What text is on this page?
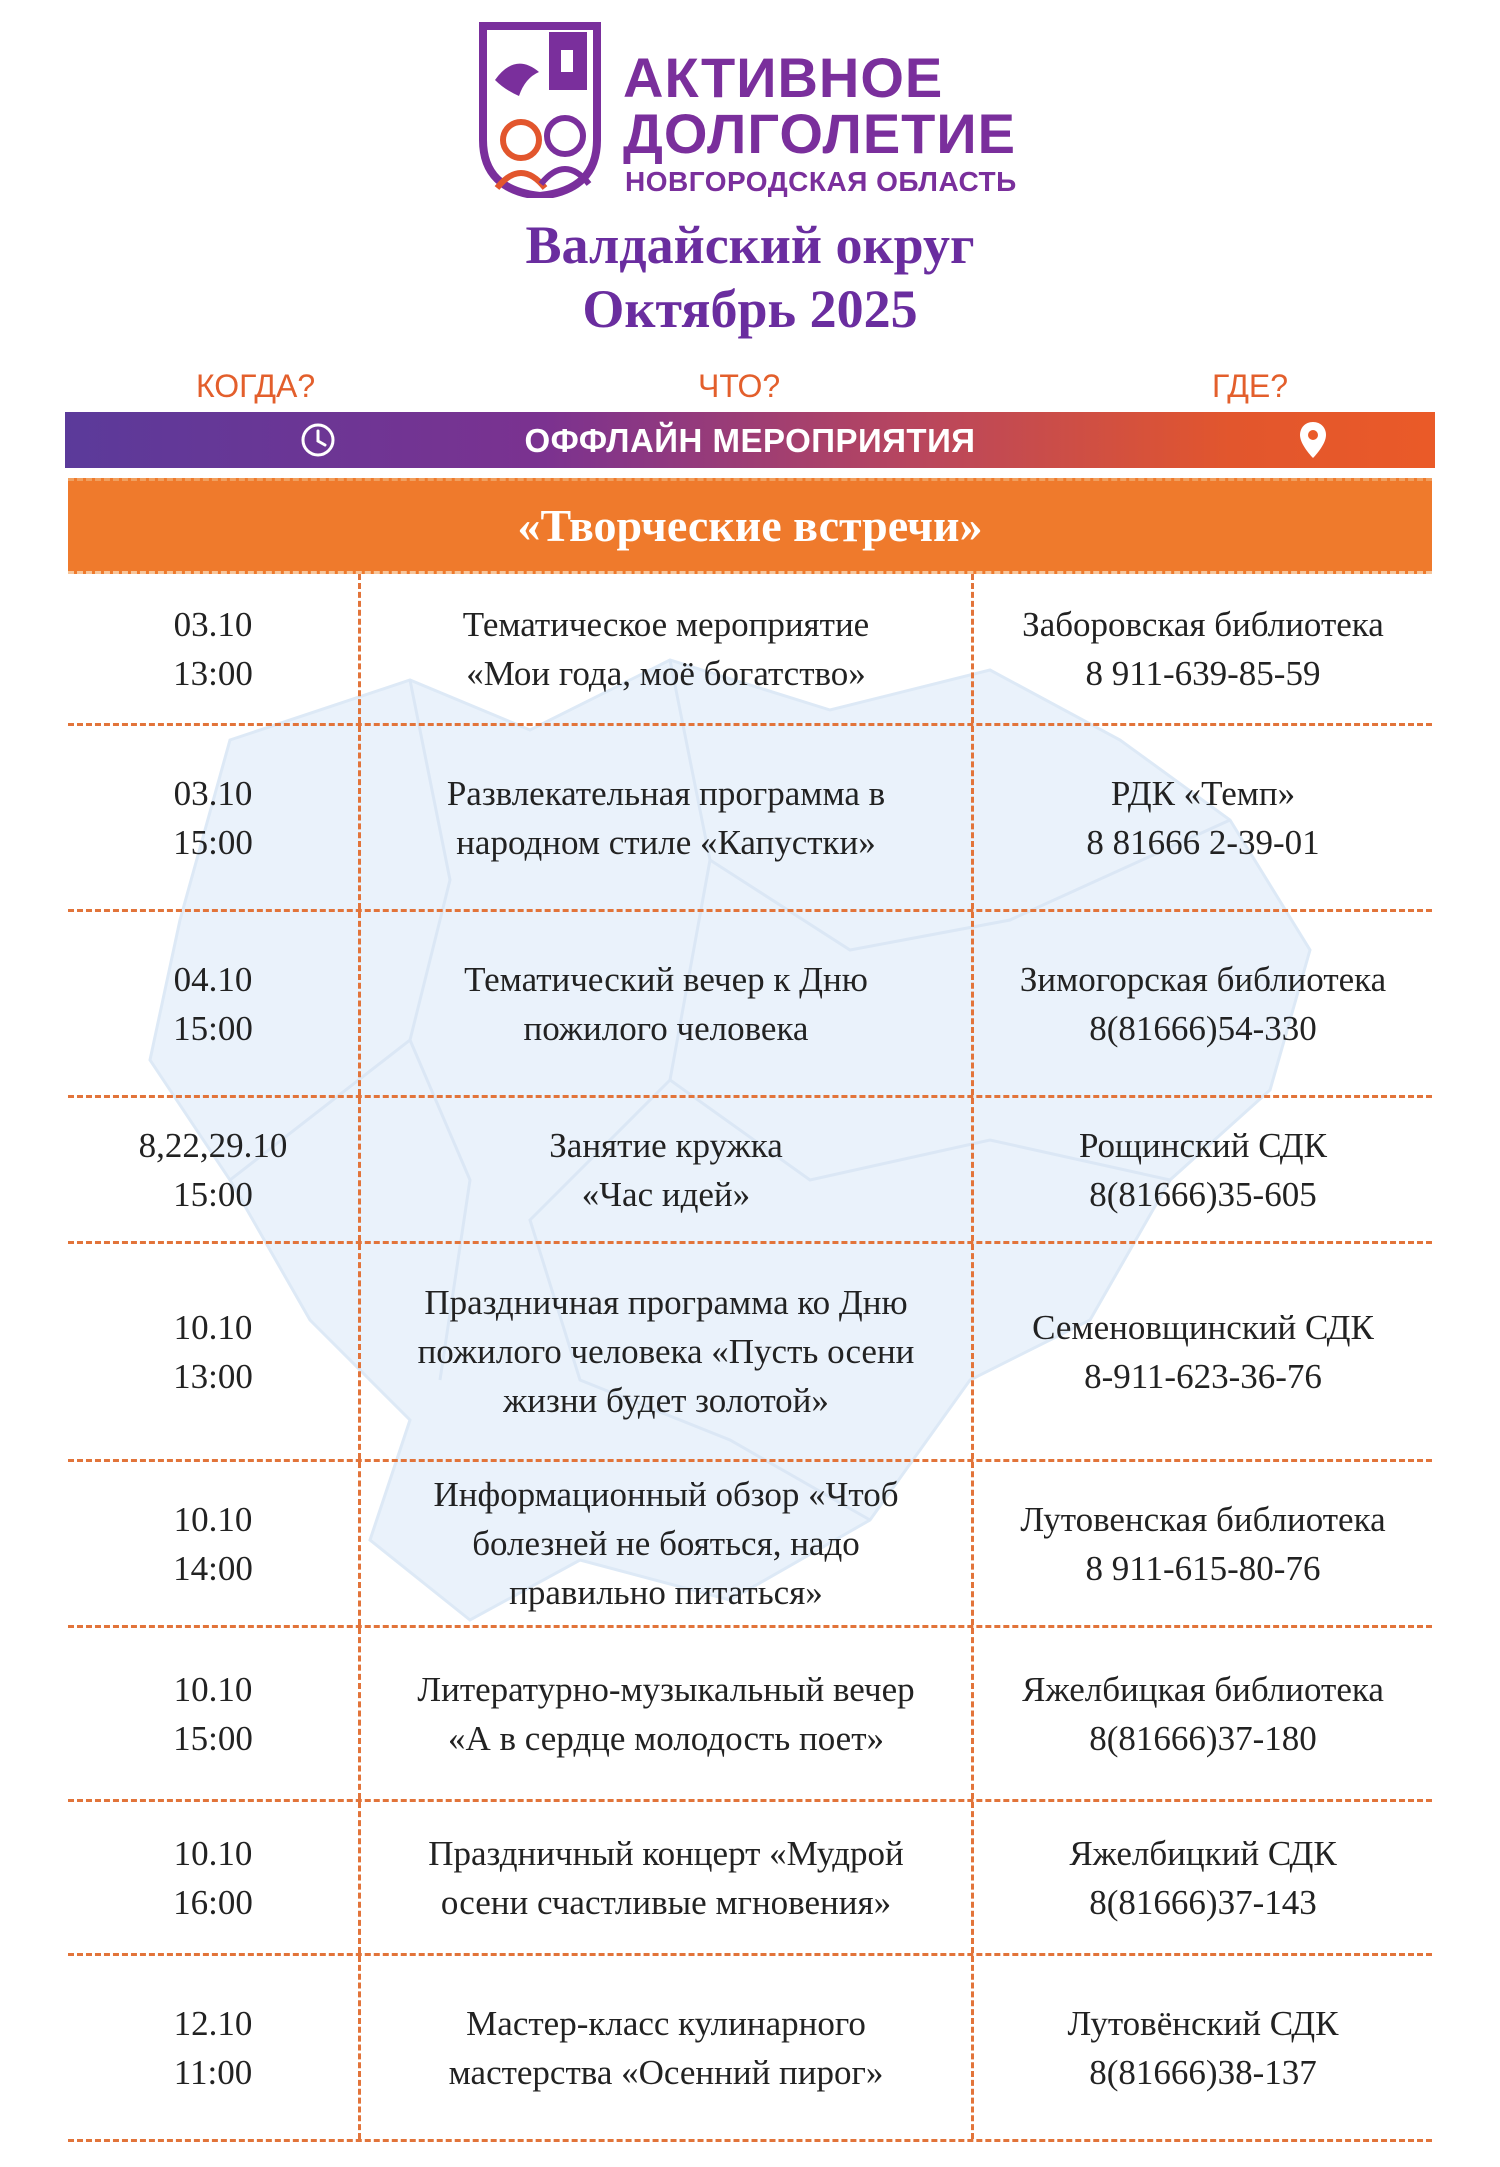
АКТИВНОЕ
ДОЛГОЛЕТИЕ
НОВГОРОДСКАЯ ОБЛАСТЬ
Валдайский округ
Октябрь 2025
КОГДА?	ЧТО?	ГДЕ?
ОФФЛАЙН МЕРОПРИЯТИЯ
«Творческие встречи»
03.10
13:00
Тематическое мероприятие
«Мои года, моё богатство»
Заборовская библиотека
8 911-639-85-59
03.10
15:00
Развлекательная программа в
народном стиле «Капустки»
РДК «Темп»
8 81666 2-39-01
04.10
15:00
Тематический вечер к Дню
пожилого человека
Зимогорская библиотека
8(81666)54-330
8,22,29.10
15:00
Занятие кружка
«Час идей»
Рощинский СДК
8(81666)35-605
10.10
13:00
Праздничная программа ко Дню
пожилого человека «Пусть осени
жизни будет золотой»
Семеновщинский СДК
8-911-623-36-76
10.10
14:00
Информационный обзор «Чтоб
болезней не бояться, надо
правильно питаться»
Лутовенская библиотека
8 911-615-80-76
10.10
15:00
Литературно-музыкальный вечер
«А в сердце молодость поет»
Яжелбицкая библиотека
8(81666)37-180
10.10
16:00
Праздничный концерт «Мудрой
осени счастливые мгновения»
Яжелбицкий СДК
8(81666)37-143
12.10
11:00
Мастер-класс кулинарного
мастерства «Осенний пирог»
Лутовёнский СДК
8(81666)38-137
